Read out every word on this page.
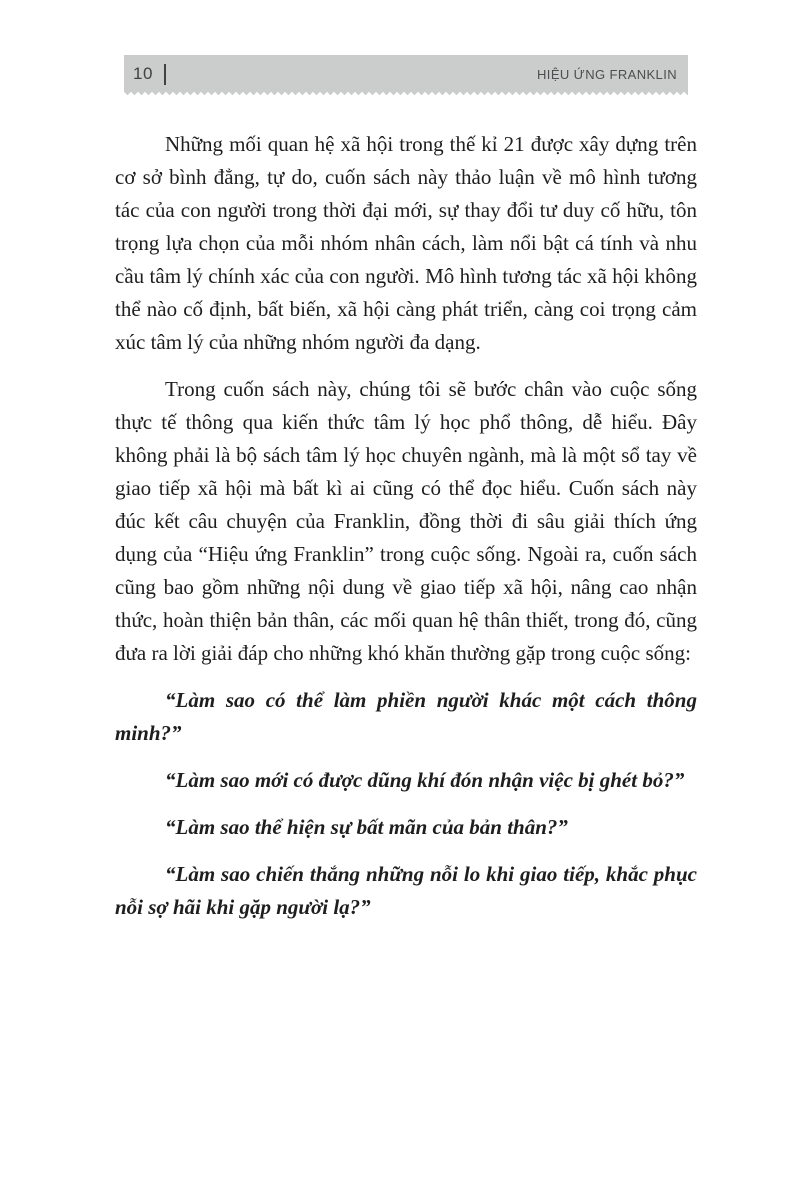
10	HIỆU ỨNG FRANKLIN

Những mối quan hệ xã hội trong thế kỉ 21 được xây dựng trên cơ sở bình đẳng, tự do, cuốn sách này thảo luận về mô hình tương tác của con người trong thời đại mới, sự thay đổi tư duy cố hữu, tôn trọng lựa chọn của mỗi nhóm nhân cách, làm nổi bật cá tính và nhu cầu tâm lý chính xác của con người. Mô hình tương tác xã hội không thể nào cố định, bất biến, xã hội càng phát triển, càng coi trọng cảm xúc tâm lý của những nhóm người đa dạng.

Trong cuốn sách này, chúng tôi sẽ bước chân vào cuộc sống thực tế thông qua kiến thức tâm lý học phổ thông, dễ hiểu. Đây không phải là bộ sách tâm lý học chuyên ngành, mà là một sổ tay về giao tiếp xã hội mà bất kì ai cũng có thể đọc hiểu. Cuốn sách này đúc kết câu chuyện của Franklin, đồng thời đi sâu giải thích ứng dụng của “Hiệu ứng Franklin” trong cuộc sống. Ngoài ra, cuốn sách cũng bao gồm những nội dung về giao tiếp xã hội, nâng cao nhận thức, hoàn thiện bản thân, các mối quan hệ thân thiết, trong đó, cũng đưa ra lời giải đáp cho những khó khăn thường gặp trong cuộc sống:

“Làm sao có thể làm phiền người khác một cách thông minh?”

“Làm sao mới có được dũng khí đón nhận việc bị ghét bỏ?”

“Làm sao thể hiện sự bất mãn của bản thân?”

“Làm sao chiến thắng những nỗi lo khi giao tiếp, khắc phục nỗi sợ hãi khi gặp người lạ?”
